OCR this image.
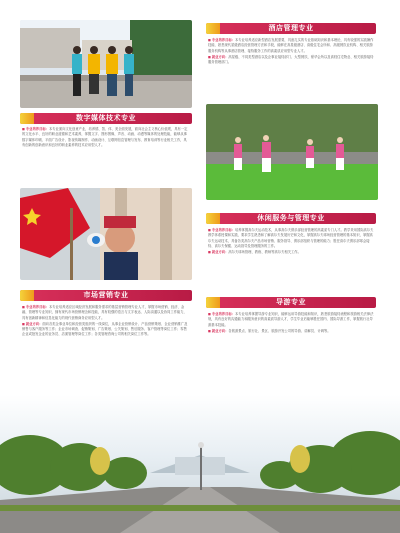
数字媒体技术专业

■ 专业培养目标：本专业面向文化创意产业，培养德、智、体、美全面发展，面向社会主义核心价值观，具有一定的文化水平、良好的职业道德和艺术素养，掌握文字、图形图像、声音、动画、动漫等媒体的处理技能，能够从事数字媒体印刷、平面广告设计、影视传媒制作、动画设计、互联网信息管理与发布、教育培训等行业相关工作，具有创新的创新意识和良好的职业素养的技术应用型人才。

市场营销专业

■ 专业培养目标：本专业培养适应区域经济发展和服务需求的基层营销管理专业人才，掌握市场营销、经济、金融、管理等专业知识，拥有现代市场营销理念和技能，具有较强的语言与文字表达、人际沟通以及协同工作能力，具有创新精神和信息化能力的现代营销商务应用型人才。

■ 就业方向：面向各类企事业单位和经营类组织的一线岗位，从事企业营销设计、产品营销策划、企业营销推广及销售与客户服务等工作；企业市场调查、促销策划、广告策划、公关策划、售后服务、客户管理等岗位工作；零售企业或批发企业的业务员、店面管理等岗位工作；各类管理咨询公司的相关岗位工作等。

酒店管理专业

■ 专业培养目标：本专业培养适应新型酒店发展需要，具备扎实的专业基础知识和基本理论，具有较强的实践操作技能、熟悉现代星级酒店经营管理方法和手段，能够在高星级酒店、高级住宅会所和、高级餐饮业机构、相关旅游服务机构等从事酒店管理、接待服务工作的高素质应用型专业人才。

■ 就业方向：高星级、不同类型酒店以及企事业接待部门、大型餐饮、豪华会所以及高档住宅物业、相关旅游接待服务管理部门。

休闲服务与管理专业

■ 专业培养目标：培养掌握高尔夫运动技术，从事高尔夫俱乐部经营管理的高素质专门人才。教学采用国际高尔夫教学体系授课和实践，要求学生熟悉和了解高尔夫发展历史和文化，掌握高尔夫球场经营管理的基本知识，掌握高尔夫运动技术，具备各类高尔夫产品市场营销、服务指导、俱乐部组织与管理的能力；胜任高尔夫俱乐部球会接待、高尔夫保健、运动指导及管理服务的工作。

■ 就业方向：高尔夫球场管理、教练、教师等高尔夫相关工作。

导游专业

■ 专业培养目标：本专业培养掌握导游专业知识，能够运用导游技能和知识，熟悉旅游接待流程和旅游相关法律法规，具有良好的沟通能力和服务意识的高素质导游人才，学生毕业后能够胜任国内、国际导游工作，掌握旅行社导游基本技能。

■ 就业方向：各旅游景点、旅行社、景区、旅游开发公司的导游、讲解员、计调等。
